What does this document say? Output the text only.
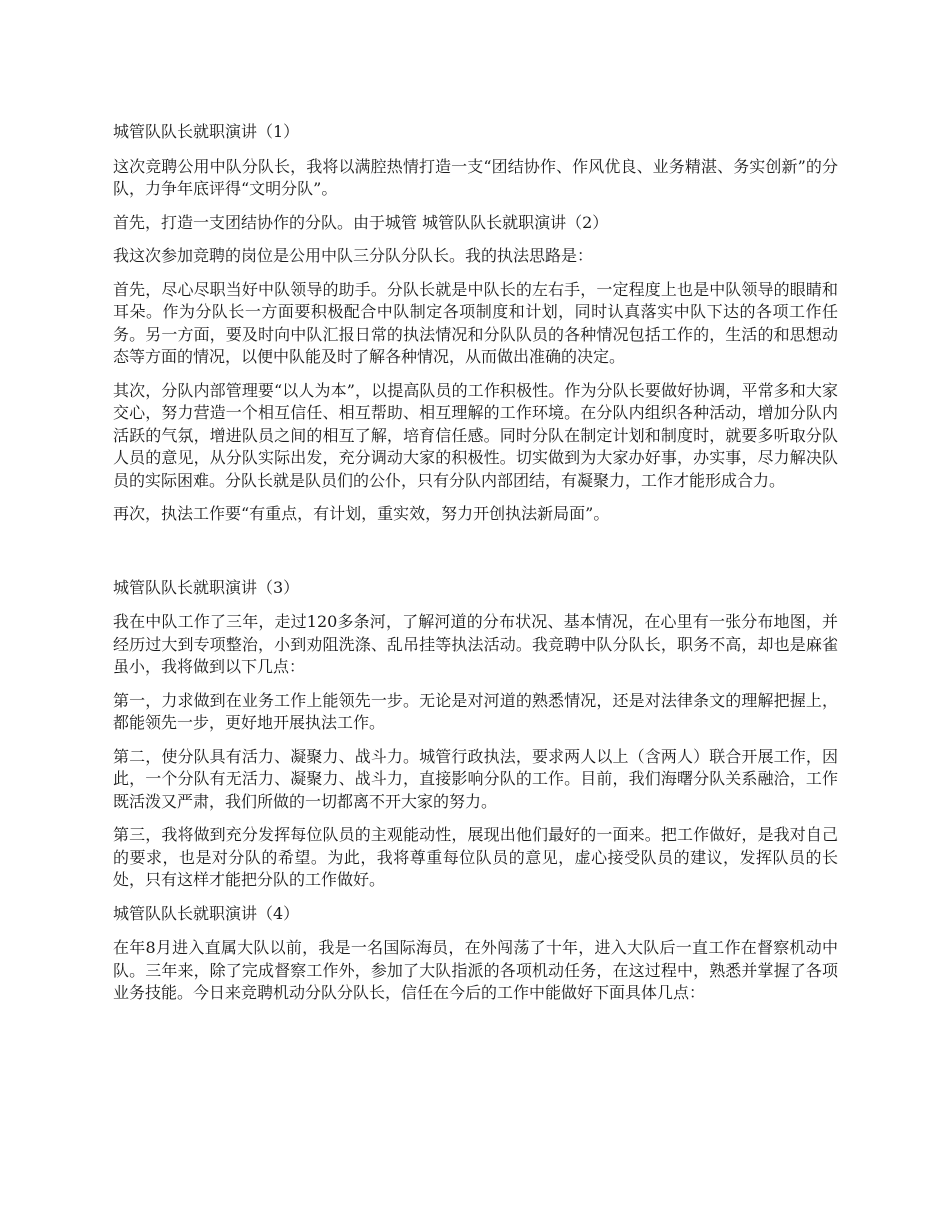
城管队队长就职演讲（1）

这次竞聘公用中队分队长，我将以满腔热情打造一支“团结协作、作风优良、业务精湛、务实创新”的分队，力争年底评得“文明分队”。

首先，打造一支团结协作的分队。由于城管 城管队队长就职演讲（2）

我这次参加竞聘的岗位是公用中队三分队分队长。我的执法思路是：

首先，尽心尽职当好中队领导的助手。分队长就是中队长的左右手，一定程度上也是中队领导的眼睛和耳朵。作为分队长一方面要积极配合中队制定各项制度和计划，同时认真落实中队下达的各项工作任务。另一方面，要及时向中队汇报日常的执法情况和分队队员的各种情况包括工作的，生活的和思想动态等方面的情况，以便中队能及时了解各种情况，从而做出准确的决定。

其次，分队内部管理要“以人为本”，以提高队员的工作积极性。作为分队长要做好协调，平常多和大家交心，努力营造一个相互信任、相互帮助、相互理解的工作环境。在分队内组织各种活动，增加分队内活跃的气氛，增进队员之间的相互了解，培育信任感。同时分队在制定计划和制度时，就要多听取分队人员的意见，从分队实际出发，充分调动大家的积极性。切实做到为大家办好事，办实事，尽力解决队员的实际困难。分队长就是队员们的公仆，只有分队内部团结，有凝聚力，工作才能形成合力。

再次，执法工作要“有重点，有计划，重实效，努力开创执法新局面”。

城管队队长就职演讲（3）

我在中队工作了三年，走过120多条河，了解河道的分布状况、基本情况，在心里有一张分布地图，并经历过大到专项整治，小到劝阻洗涤、乱吊挂等执法活动。我竞聘中队分队长，职务不高，却也是麻雀虽小，我将做到以下几点：

第一，力求做到在业务工作上能领先一步。无论是对河道的熟悉情况，还是对法律条文的理解把握上，都能领先一步，更好地开展执法工作。

第二，使分队具有活力、凝聚力、战斗力。城管行政执法，要求两人以上（含两人）联合开展工作，因此，一个分队有无活力、凝聚力、战斗力，直接影响分队的工作。目前，我们海曙分队关系融洽，工作既活泼又严肃，我们所做的一切都离不开大家的努力。

第三，我将做到充分发挥每位队员的主观能动性，展现出他们最好的一面来。把工作做好，是我对自己的要求，也是对分队的希望。为此，我将尊重每位队员的意见，虚心接受队员的建议，发挥队员的长处，只有这样才能把分队的工作做好。

城管队队长就职演讲（4）

在年8月进入直属大队以前，我是一名国际海员，在外闯荡了十年，进入大队后一直工作在督察机动中队。三年来，除了完成督察工作外，参加了大队指派的各项机动任务，在这过程中，熟悉并掌握了各项业务技能。今日来竞聘机动分队分队长，信任在今后的工作中能做好下面具体几点：
